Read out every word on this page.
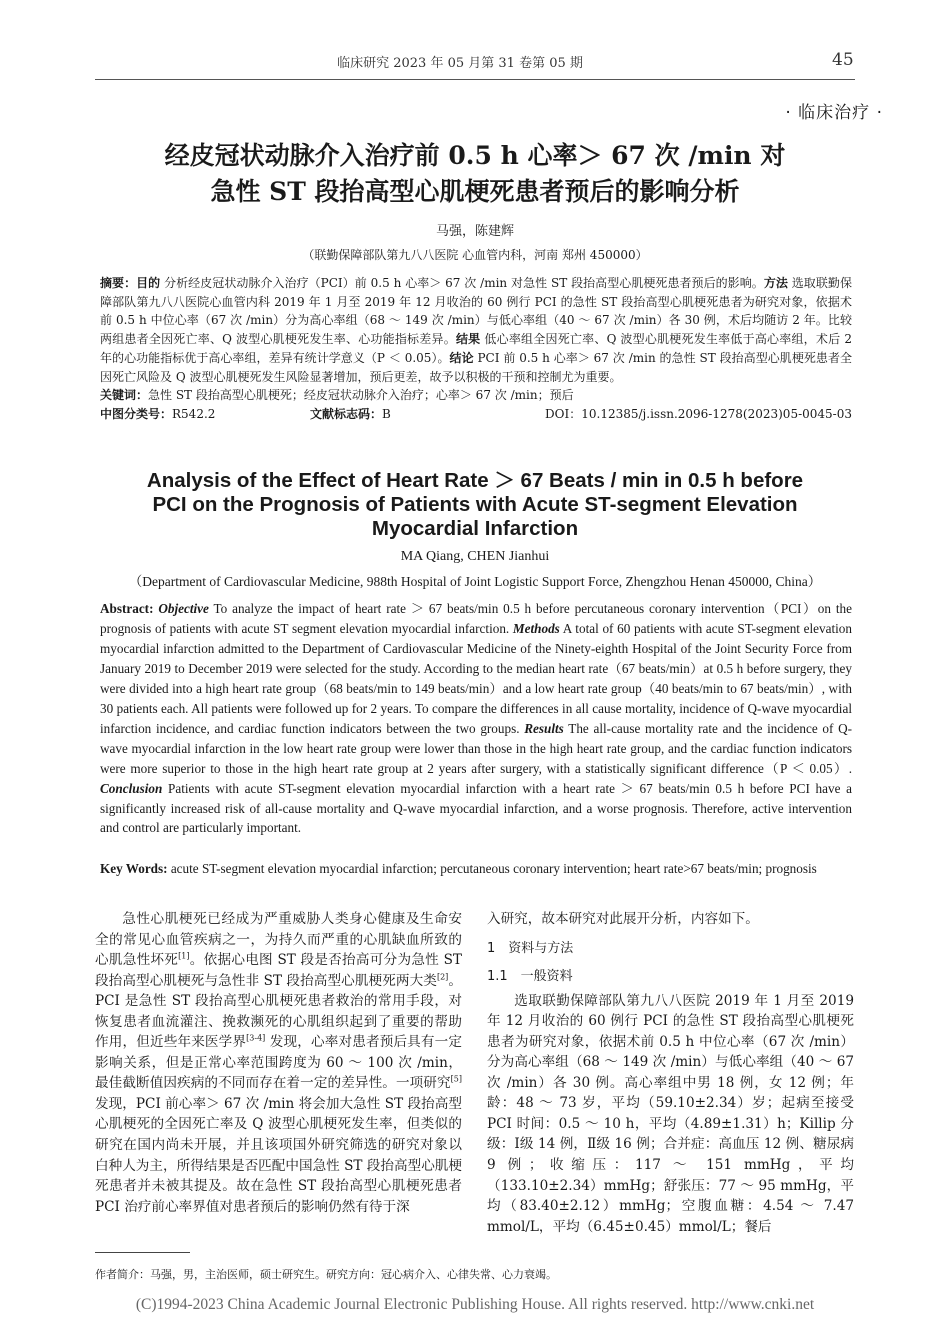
临床研究 2023 年 05 月第 31 卷第 05 期	45
· 临床治疗 ·
经皮冠状动脉介入治疗前 0.5 h 心率＞ 67 次 /min 对
急性 ST 段抬高型心肌梗死患者预后的影响分析
马强，陈建辉
（联勤保障部队第九八八医院 心血管内科，河南 郑州 450000）
摘要：目的 分析经皮冠状动脉介入治疗（PCI）前 0.5 h 心率＞ 67 次 /min 对急性 ST 段抬高型心肌梗死患者预后的影响。方法 选取联勤保障部队第九八八医院心血管内科 2019 年 1 月至 2019 年 12 月收治的 60 例行 PCI 的急性 ST 段抬高型心肌梗死患者为研究对象，依据术前 0.5 h 中位心率（67 次 /min）分为高心率组（68 ～ 149 次 /min）与低心率组（40 ～ 67 次 /min）各 30 例，术后均随访 2 年。比较两组患者全因死亡率、Q 波型心肌梗死发生率、心功能指标差异。结果 低心率组全因死亡率、Q 波型心肌梗死发生率低于高心率组，术后 2 年的心功能指标优于高心率组，差异有统计学意义（P ＜ 0.05）。结论 PCI 前 0.5 h 心率＞ 67 次 /min 的急性 ST 段抬高型心肌梗死患者全因死亡风险及 Q 波型心肌梗死发生风险显著增加，预后更差，故予以积极的干预和控制尤为重要。
关键词：急性 ST 段抬高型心肌梗死；经皮冠状动脉介入治疗；心率＞ 67 次 /min；预后
中图分类号：R542.2	文献标志码：B	DOI：10.12385/j.issn.2096-1278(2023)05-0045-03
Analysis of the Effect of Heart Rate ＞ 67 Beats / min in 0.5 h before
PCI on the Prognosis of Patients with Acute ST-segment Elevation
Myocardial Infarction
MA Qiang, CHEN Jianhui
（Department of Cardiovascular Medicine, 988th Hospital of Joint Logistic Support Force, Zhengzhou Henan 450000, China）
Abstract: Objective To analyze the impact of heart rate ＞ 67 beats/min 0.5 h before percutaneous coronary intervention（PCI）on the prognosis of patients with acute ST segment elevation myocardial infarction. Methods A total of 60 patients with acute ST-segment elevation myocardial infarction admitted to the Department of Cardiovascular Medicine of the Ninety-eighth Hospital of the Joint Security Force from January 2019 to December 2019 were selected for the study. According to the median heart rate（67 beats/min）at 0.5 h before surgery, they were divided into a high heart rate group（68 beats/min to 149 beats/min）and a low heart rate group（40 beats/min to 67 beats/min）, with 30 patients each. All patients were followed up for 2 years. To compare the differences in all cause mortality, incidence of Q-wave myocardial infarction incidence, and cardiac function indicators between the two groups. Results The all-cause mortality rate and the incidence of Q-wave myocardial infarction in the low heart rate group were lower than those in the high heart rate group, and the cardiac function indicators were more superior to those in the high heart rate group at 2 years after surgery, with a statistically significant difference（P ＜ 0.05）. Conclusion Patients with acute ST-segment elevation myocardial infarction with a heart rate ＞ 67 beats/min 0.5 h before PCI have a significantly increased risk of all-cause mortality and Q-wave myocardial infarction, and a worse prognosis. Therefore, active intervention and control are particularly important.
Key Words: acute ST-segment elevation myocardial infarction; percutaneous coronary intervention; heart rate>67 beats/min; prognosis

急性心肌梗死已经成为严重威胁人类身心健康及生命安全的常见心血管疾病之一，为持久而严重的心肌缺血所致的心肌急性坏死[1]。依据心电图 ST 段是否抬高可分为急性 ST 段抬高型心肌梗死与急性非 ST 段抬高型心肌梗死两大类[2]。PCI 是急性 ST 段抬高型心肌梗死患者救治的常用手段，对恢复患者血流灌注、挽救濒死的心肌组织起到了重要的帮助作用，但近些年来医学界[3-4] 发现，心率对患者预后具有一定影响关系，但是正常心率范围跨度为 60 ～ 100 次 /min，最佳截断值因疾病的不同而存在着一定的差异性。一项研究[5] 发现，PCI 前心率＞ 67 次 /min 将会加大急性 ST 段抬高型心肌梗死的全因死亡率及 Q 波型心肌梗死发生率，但类似的研究在国内尚未开展，并且该项国外研究筛选的研究对象以白种人为主，所得结果是否匹配中国急性 ST 段抬高型心肌梗死患者并未被其提及。故在急性 ST 段抬高型心肌梗死患者 PCI 治疗前心率界值对患者预后的影响仍然有待于深

入研究，故本研究对此展开分析，内容如下。

1　资料与方法

1.1　一般资料

选取联勤保障部队第九八八医院 2019 年 1 月至 2019 年 12 月收治的 60 例行 PCI 的急性 ST 段抬高型心肌梗死患者为研究对象，依据术前 0.5 h 中位心率（67 次 /min）分为高心率组（68 ～ 149 次 /min）与低心率组（40 ～ 67 次 /min）各 30 例。高心率组中男 18 例，女 12 例；年龄：48 ～ 73 岁，平均（59.10±2.34）岁；起病至接受 PCI 时间：0.5 ～ 10 h，平均（4.89±1.31）h；Killip 分级：Ⅰ级 14 例，Ⅱ级 16 例；合并症：高血压 12 例、糖尿病 9 例；收缩压：117 ～ 151 mmHg，平均（133.10±2.34）mmHg；舒张压：77 ～ 95 mmHg，平均（83.40±2.12）mmHg；空腹血糖：4.54 ～ 7.47 mmol/L，平均（6.45±0.45）mmol/L；餐后

作者简介：马强，男，主治医师，硕士研究生。研究方向：冠心病介入、心律失常、心力衰竭。
(C)1994-2023 China Academic Journal Electronic Publishing House. All rights reserved. http://www.cnki.net
